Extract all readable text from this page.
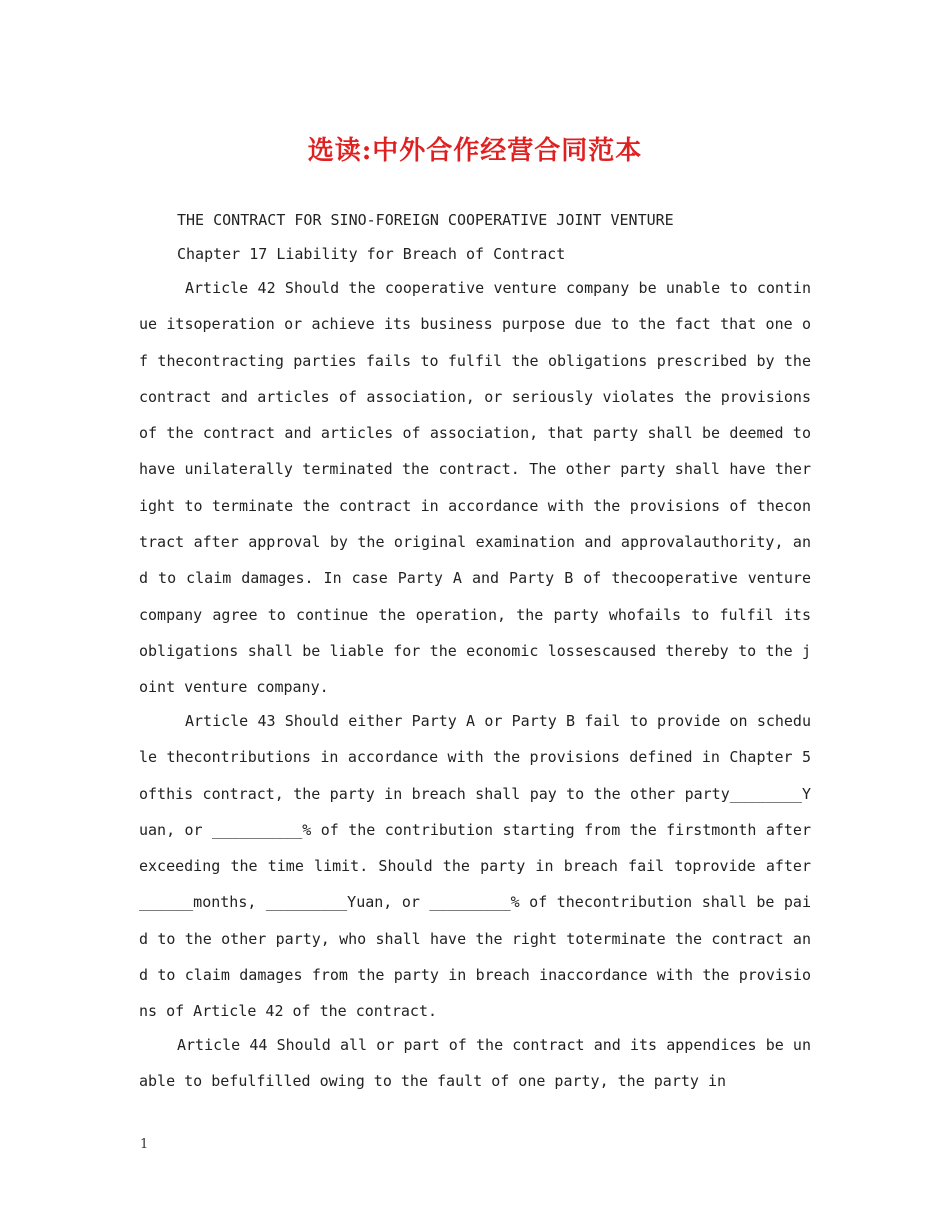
选读:中外合作经营合同范本
THE CONTRACT FOR SINO-FOREIGN COOPERATIVE JOINT VENTURE
Chapter 17 Liability for Breach of Contract
Article 42 Should the cooperative venture company be unable to continue itsoperation or achieve its business purpose due to the fact that one of thecontracting parties fails to fulfil the obligations prescribed by thecontract and articles of association, or seriously violates the provisionsof the contract and articles of association, that party shall be deemed tohave unilaterally terminated the contract. The other party shall have theright to terminate the contract in accordance with the provisions of thecontract after approval by the original examination and approvalauthority, and to claim damages. In case Party A and Party B of thecooperative venture company agree to continue the operation, the party whofails to fulfil its obligations shall be liable for the economic lossescaused thereby to the joint venture company.
Article 43 Should either Party A or Party B fail to provide on schedule thecontributions in accordance with the provisions defined in Chapter 5 ofthis contract, the party in breach shall pay to the other party________Yuan, or __________% of the contribution starting from the firstmonth after exceeding the time limit. Should the party in breach fail toprovide after ______months, _________Yuan, or _________% of thecontribution shall be paid to the other party, who shall have the right toterminate the contract and to claim damages from the party in breach inaccordance with the provisions of Article 42 of the contract.
Article 44 Should all or part of the contract and its appendices be unable to befulfilled owing to the fault of one party, the party in
1
